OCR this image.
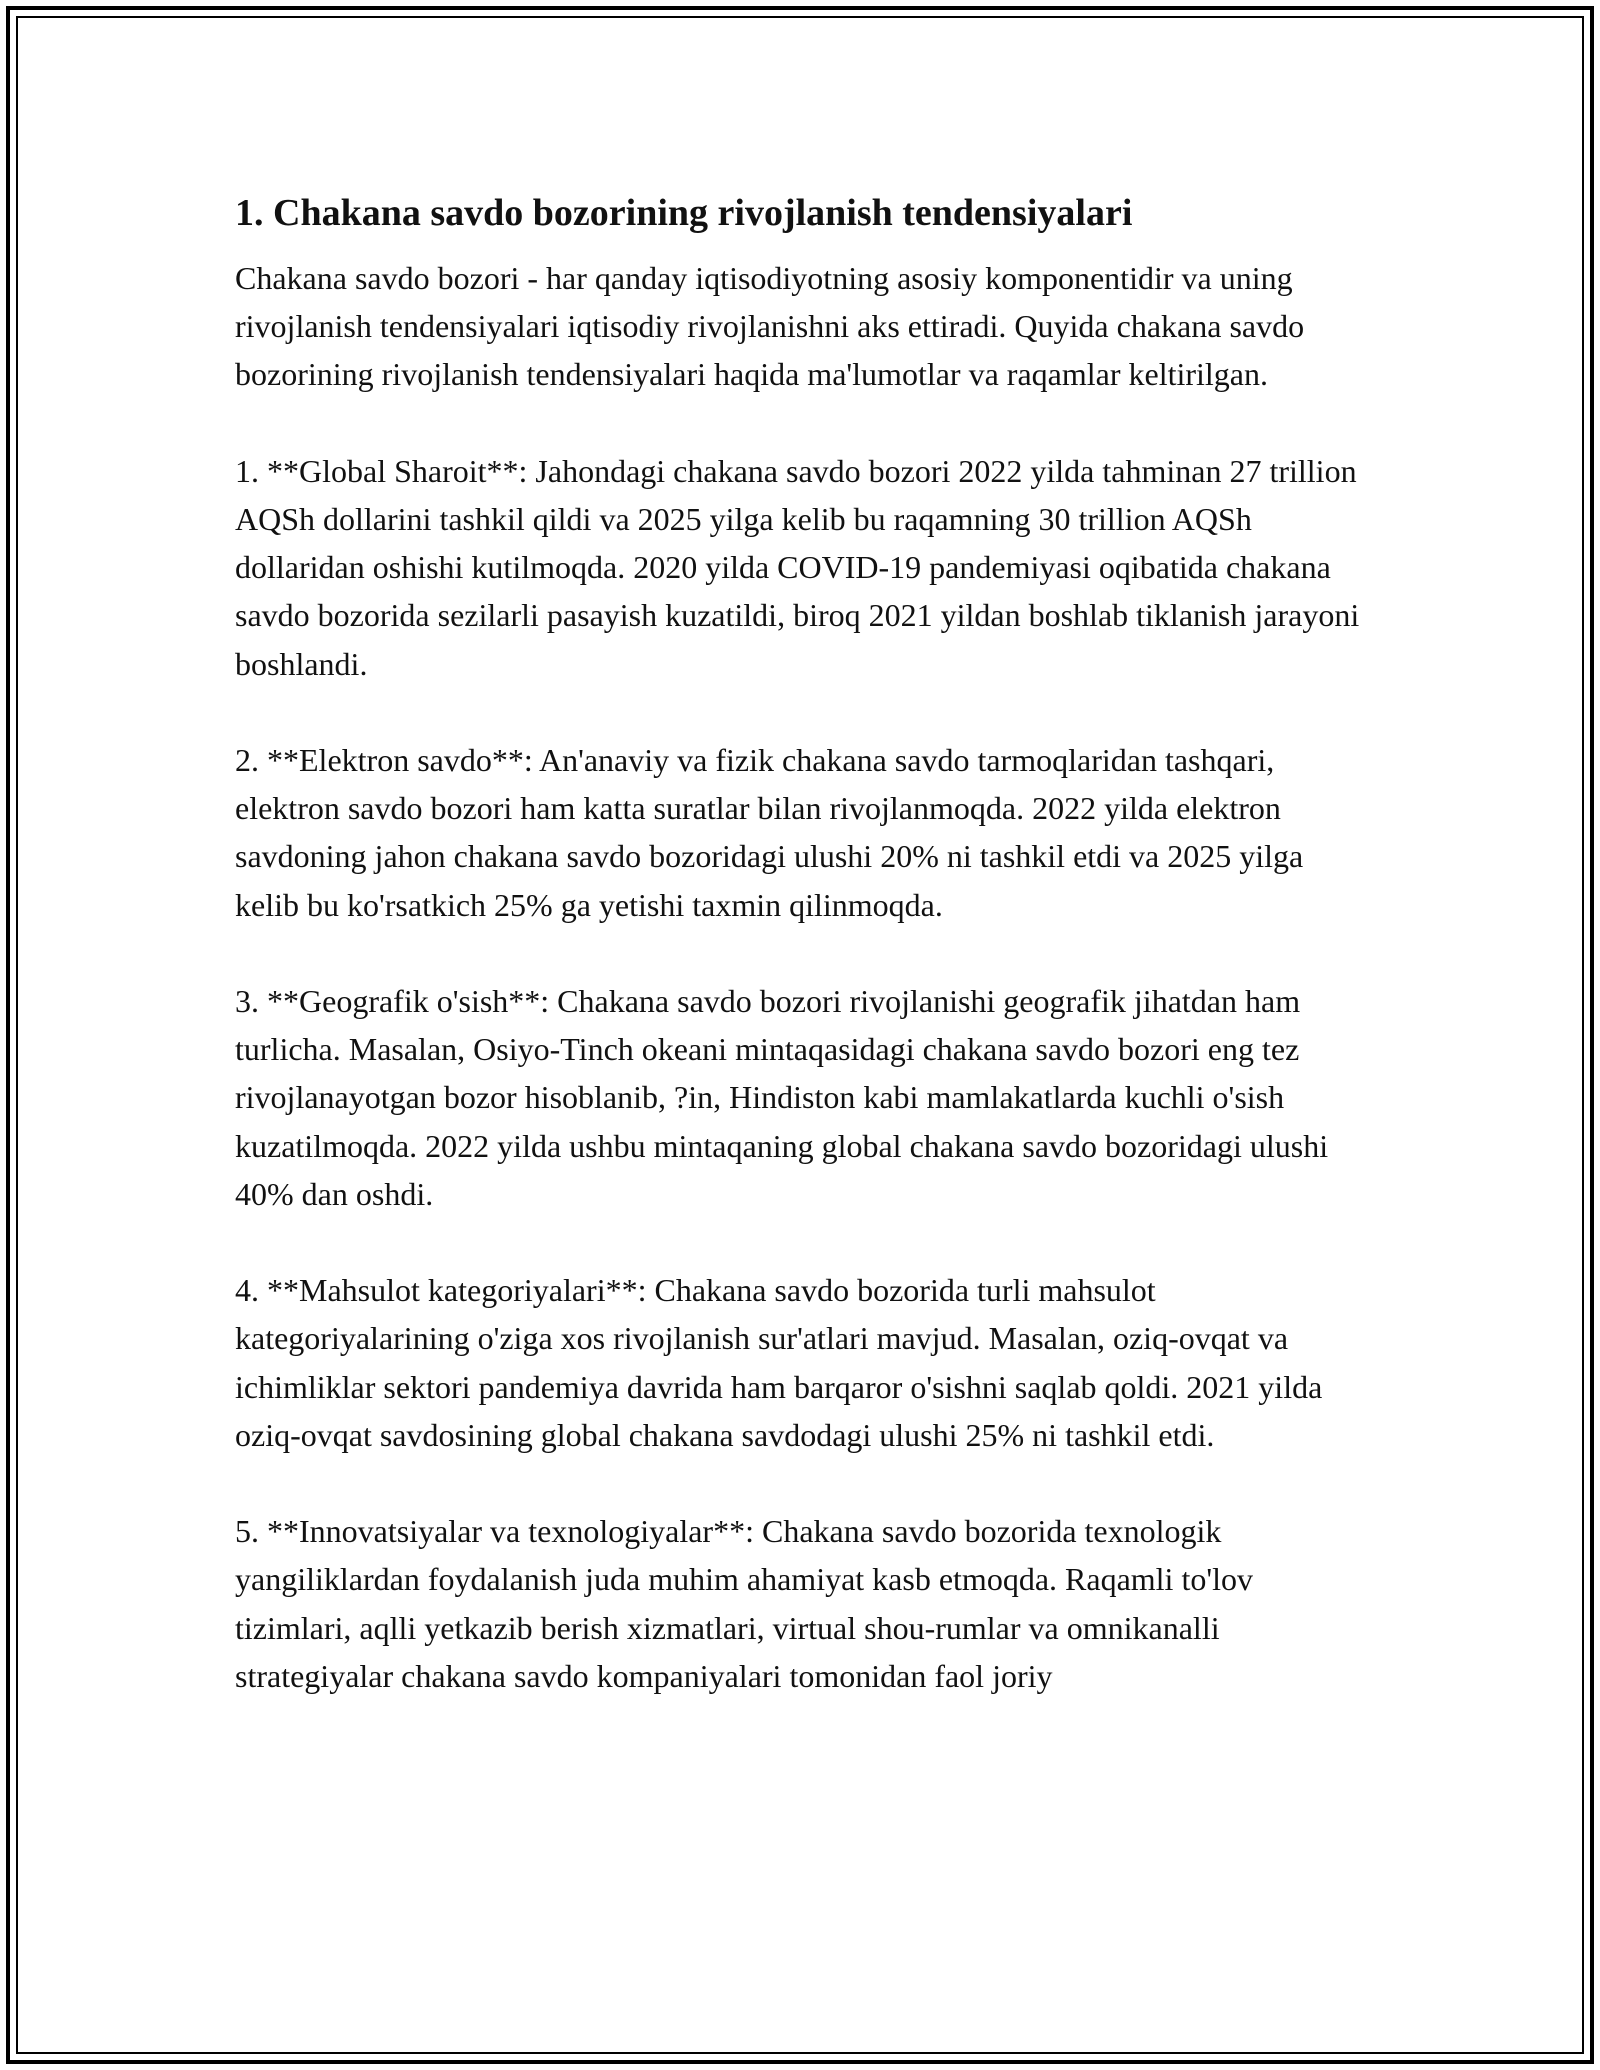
1. Chakana savdo bozorining rivojlanish tendensiyalari

Chakana savdo bozori - har qanday iqtisodiyotning asosiy komponentidir va uning rivojlanish tendensiyalari iqtisodiy rivojlanishni aks ettiradi. Quyida chakana savdo bozorining rivojlanish tendensiyalari haqida ma'lumotlar va raqamlar keltirilgan.

1. **Global Sharoit**: Jahondagi chakana savdo bozori 2022 yilda tahminan 27 trillion AQSh dollarini tashkil qildi va 2025 yilga kelib bu raqamning 30 trillion AQSh dollaridan oshishi kutilmoqda. 2020 yilda COVID-19 pandemiyasi oqibatida chakana savdo bozorida sezilarli pasayish kuzatildi, biroq 2021 yildan boshlab tiklanish jarayoni boshlandi.

2. **Elektron savdo**: An'anaviy va fizik chakana savdo tarmoqlaridan tashqari, elektron savdo bozori ham katta suratlar bilan rivojlanmoqda. 2022 yilda elektron savdoning jahon chakana savdo bozoridagi ulushi 20% ni tashkil etdi va 2025 yilga kelib bu ko'rsatkich 25% ga yetishi taxmin qilinmoqda.

3. **Geografik o'sish**: Chakana savdo bozori rivojlanishi geografik jihatdan ham turlicha. Masalan, Osiyo-Tinch okeani mintaqasidagi chakana savdo bozori eng tez rivojlanayotgan bozor hisoblanib, ?in, Hindiston kabi mamlakatlarda kuchli o'sish kuzatilmoqda. 2022 yilda ushbu mintaqaning global chakana savdo bozoridagi ulushi 40% dan oshdi.

4. **Mahsulot kategoriyalari**: Chakana savdo bozorida turli mahsulot kategoriyalarining o'ziga xos rivojlanish sur'atlari mavjud. Masalan, oziq-ovqat va ichimliklar sektori pandemiya davrida ham barqaror o'sishni saqlab qoldi. 2021 yilda oziq-ovqat savdosining global chakana savdodagi ulushi 25% ni tashkil etdi.

5. **Innovatsiyalar va texnologiyalar**: Chakana savdo bozorida texnologik yangiliklardan foydalanish juda muhim ahamiyat kasb etmoqda. Raqamli to'lov tizimlari, aqlli yetkazib berish xizmatlari, virtual shou-rumlar va omnikanalli strategiyalar chakana savdo kompaniyalari tomonidan faol joriy
